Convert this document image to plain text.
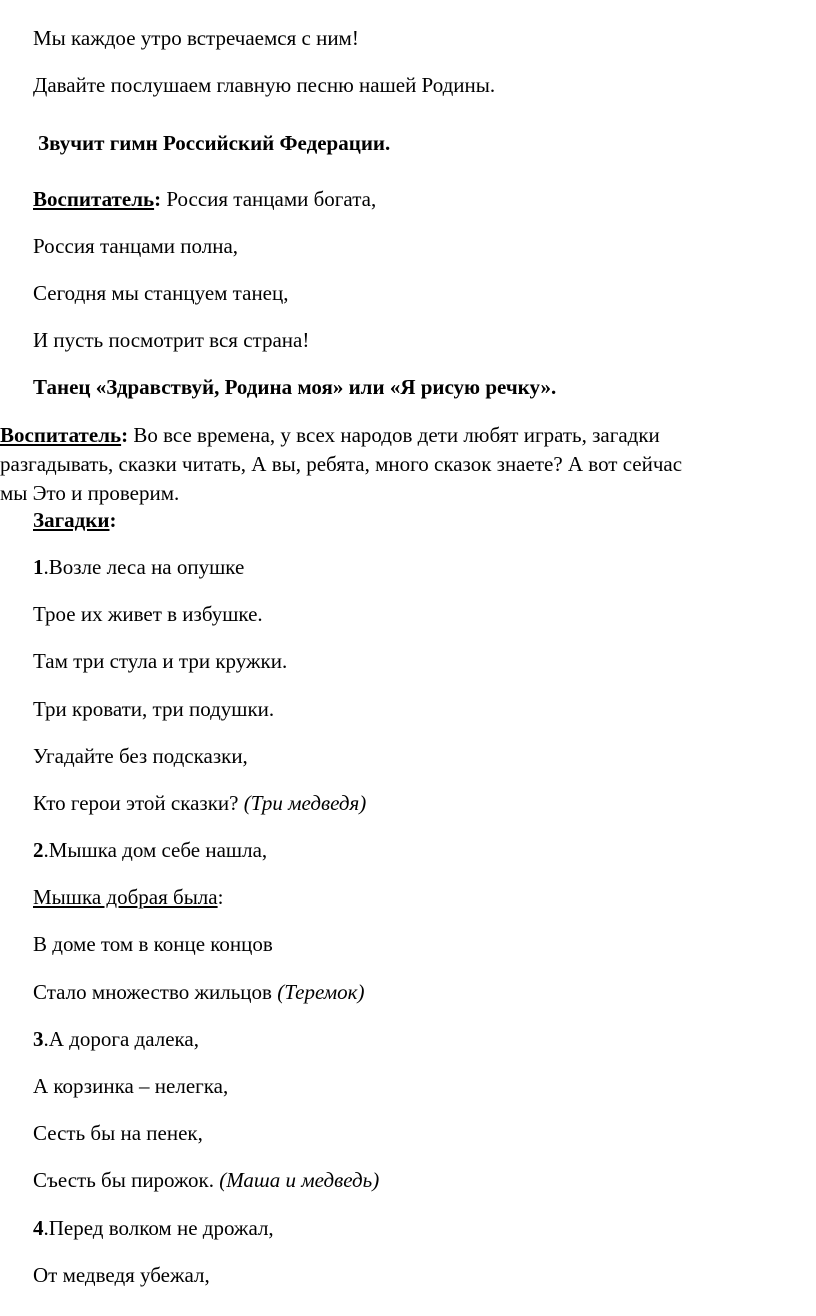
Мы каждое утро встречаемся с ним!
Давайте послушаем главную песню нашей Родины.
Звучит гимн Российский Федерации.
Воспитатель: Россия танцами богата,
Россия танцами полна,
Сегодня мы станцуем танец,
И пусть посмотрит вся страна!
Танец «Здравствуй, Родина моя» или «Я рисую речку».
Воспитатель: Во все времена, у всех народов дети любят играть, загадки
разгадывать, сказки читать, А вы, ребята, много сказок знаете? А вот сейчас
мы Это и проверим.
Загадки:
1.Возле леса на опушке
Трое их живет в избушке.
Там три стула и три кружки.
Три кровати, три подушки.
Угадайте без подсказки,
Кто герои этой сказки? (Три медведя)
2.Мышка дом себе нашла,
Мышка добрая была:
В доме том в конце концов
Стало множество жильцов (Теремок)
3.А дорога далека,
А корзинка – нелегка,
Сесть бы на пенек,
Съесть бы пирожок. (Маша и медведь)
4.Перед волком не дрожал,
От медведя убежал,
